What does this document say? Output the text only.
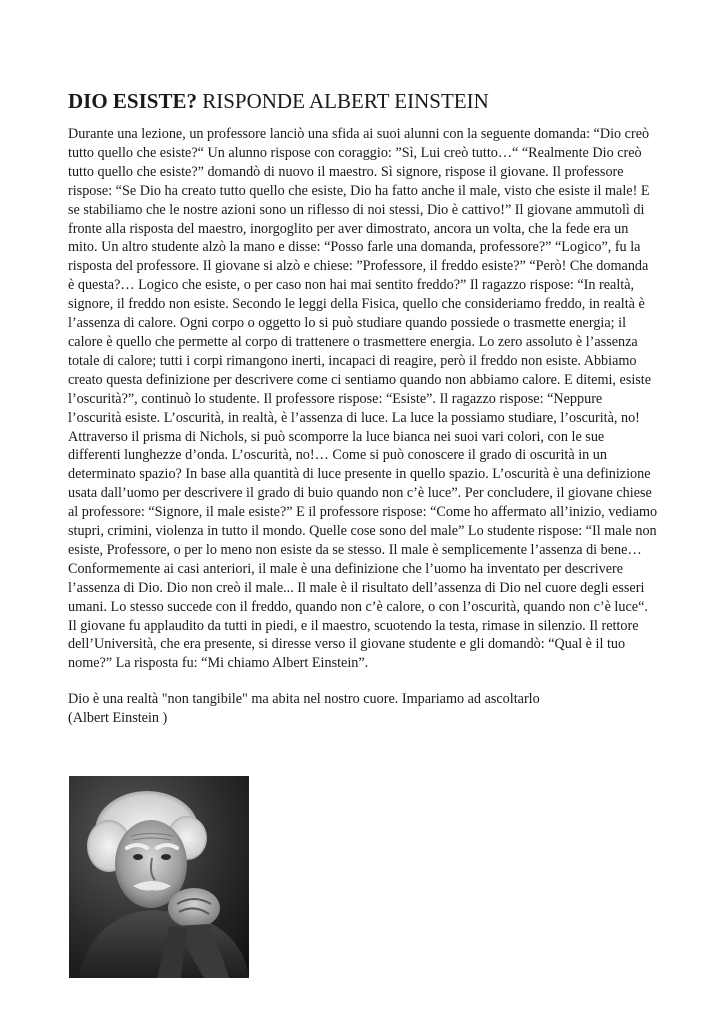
DIO ESISTE? RISPONDE ALBERT EINSTEIN

Durante una lezione, un professore lanciò una sfida ai suoi alunni con la seguente domanda: “Dio creò tutto quello che esiste?“ Un alunno rispose con coraggio: ”Sì, Lui creò tutto…“ “Realmente Dio creò tutto quello che esiste?” domandò di nuovo il maestro. Sì signore, rispose il giovane. Il professore rispose: “Se Dio ha creato tutto quello che esiste, Dio ha fatto anche il male, visto che esiste il male! E se stabiliamo che le nostre azioni sono un riflesso di noi stessi, Dio è cattivo!” Il giovane ammutolì di fronte alla risposta del maestro, inorgoglito per aver dimostrato, ancora un volta, che la fede era un mito. Un altro studente alzò la mano e disse: “Posso farle una domanda, professore?” “Logico”, fu la risposta del professore. Il giovane si alzò e chiese: ”Professore, il freddo esiste?” “Però! Che domanda è questa?… Logico che esiste, o per caso non hai mai sentito freddo?” Il ragazzo rispose: “In realtà, signore, il freddo non esiste. Secondo le leggi della Fisica, quello che consideriamo freddo, in realtà è l’assenza di calore. Ogni corpo o oggetto lo si può studiare quando possiede o trasmette energia; il calore è quello che permette al corpo di trattenere o trasmettere energia. Lo zero assoluto è l’assenza totale di calore; tutti i corpi rimangono inerti, incapaci di reagire, però il freddo non esiste. Abbiamo creato questa definizione per descrivere come ci sentiamo quando non abbiamo calore. E ditemi, esiste l’oscurità?”, continuò lo studente. Il professore rispose: “Esiste”. Il ragazzo rispose: “Neppure l’oscurità esiste. L’oscurità, in realtà, è l’assenza di luce. La luce la possiamo studiare, l’oscurità, no! Attraverso il prisma di Nichols, si può scomporre la luce bianca nei suoi vari colori, con le sue differenti lunghezze d’onda. L’oscurità, no!… Come si può conoscere il grado di oscurità in un determinato spazio? In base alla quantità di luce presente in quello spazio. L’oscurità è una definizione usata dall’uomo per descrivere il grado di buio quando non c’è luce”. Per concludere, il giovane chiese al professore: “Signore, il male esiste?” E il professore rispose: “Come ho affermato all’inizio, vediamo stupri, crimini, violenza in tutto il mondo. Quelle cose sono del male” Lo studente rispose: “Il male non esiste, Professore, o per lo meno non esiste da se stesso. Il male è semplicemente l’assenza di bene… Conformemente ai casi anteriori, il male è una definizione che l’uomo ha inventato per descrivere l’assenza di Dio. Dio non creò il male... Il male è il risultato dell’assenza di Dio nel cuore degli esseri umani. Lo stesso succede con il freddo, quando non c’è calore, o con l’oscurità, quando non c’è luce“. Il giovane fu applaudito da tutti in piedi, e il maestro, scuotendo la testa, rimase in silenzio. Il rettore dell’Università, che era presente, si diresse verso il giovane studente e gli domandò: “Qual è il tuo nome?” La risposta fu: “Mi chiamo Albert Einstein”.

Dio è una realtà "non tangibile" ma abita nel nostro cuore. Impariamo ad ascoltarlo
(Albert Einstein )
